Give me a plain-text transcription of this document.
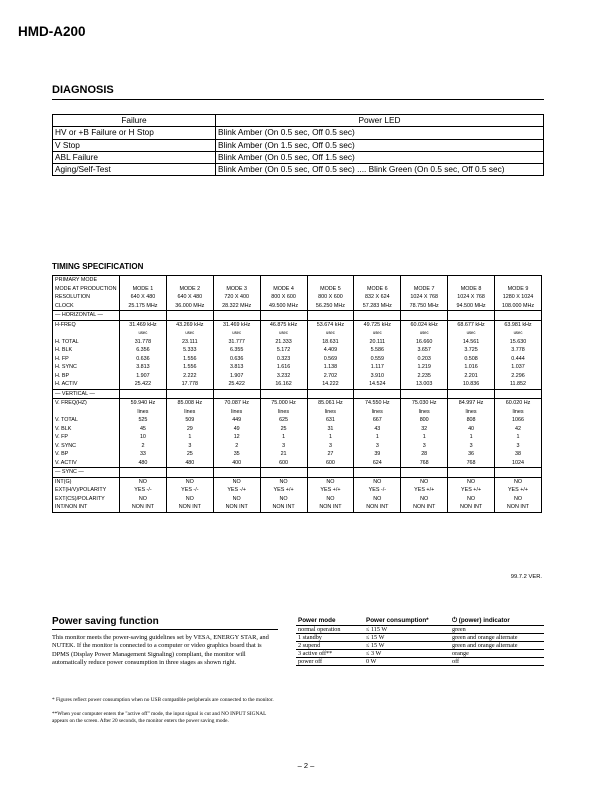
HMD-A200
DIAGNOSIS
Failure	Power LED
HV or +B Failure or H Stop	Blink Amber (On 0.5 sec, Off 0.5 sec)
V Stop	Blink Amber (On 1.5 sec, Off 0.5 sec)
ABL Failure	Blink Amber (On 0.5 sec, Off 1.5 sec)
Aging/Self-Test	Blink Amber (On 0.5 sec, Off 0.5 sec) .... Blink Green (On 0.5 sec, Off 0.5 sec)
TIMING SPECIFICATION
PRIMARY MODE									
MODE AT PRODUCTION	MODE 1	MODE 2	MODE 3	MODE 4	MODE 5	MODE 6	MODE 7	MODE 8	MODE 9
RESOLUTION	640 X 480	640 X 480	720 X 400	800 X 600	800 X 600	832 X 624	1024 X 768	1024 X 768	1280 X 1024
CLOCK	25.175 MHz	36.000 MHz	28.322 MHz	49.500 MHz	56.250 MHz	57.283 MHz	78.750 MHz	94.500 MHz	108.000 MHz
— HORIZONTAL —									
H-FREQ	31.469 kHz	43.269 kHz	31.469 kHz	46.875 kHz	53.674 kHz	49.725 kHz	60.024 kHz	68.677 kHz	63.981 kHz
	usec	usec	usec	usec	usec	usec	usec	usec	usec
H. TOTAL	31.778	23.111	31.777	21.333	18.631	20.111	16.660	14.561	15.630
H. BLK	6.356	5.333	6.355	5.172	4.409	5.586	3.657	3.725	3.778
H. FP	0.636	1.556	0.636	0.323	0.569	0.559	0.203	0.508	0.444
H. SYNC	3.813	1.556	3.813	1.616	1.138	1.117	1.219	1.016	1.037
H. BP	1.907	2.222	1.907	3.232	2.702	3.910	2.235	2.201	2.296
H. ACTIV	25.422	17.778	25.422	16.162	14.222	14.524	13.003	10.836	11.852
— VERTICAL —									
V. FREQ(HZ)	59.940 Hz	85.008 Hz	70.087 Hz	75.000 Hz	85.061 Hz	74.550 Hz	75.030 Hz	84.997 Hz	60.020 Hz
	lines	lines	lines	lines	lines	lines	lines	lines	lines
V. TOTAL	525	509	449	625	631	667	800	808	1066
V. BLK	45	29	49	25	31	43	32	40	42
V. FP	10	1	12	1	1	1	1	1	1
V. SYNC	2	3	2	3	3	3	3	3	3
V. BP	33	25	35	21	27	39	28	36	38
V. ACTIV	480	480	400	600	600	624	768	768	1024
— SYNC —									
INT(G)	NO	NO	NO	NO	NO	NO	NO	NO	NO
EXT(H/V)/POLARITY	YES -/-	YES -/-	YES -/+	YES +/+	YES +/+	YES -/-	YES +/+	YES +/+	YES +/+
EXT(CS)/POLARITY	NO	NO	NO	NO	NO	NO	NO	NO	NO
INT/NON INT	NON INT	NON INT	NON INT	NON INT	NON INT	NON INT	NON INT	NON INT	NON INT
99.7.2 VER.
Power saving function
This monitor meets the power-saving guidelines set by VESA, ENERGY STAR, and NUTEK. If the monitor is connected to a computer or video graphics board that is DPMS (Display Power Management Signaling) compliant, the monitor will automatically reduce power consumption in three stages as shown right.
* Figures reflect power consumption when no USB compatible peripherals are connected to the monitor.
**When your computer enters the "active off" mode, the input signal is cut and NO INPUT SIGNAL appears on the screen. After 20 seconds, the monitor enters the power saving mode.
Power mode	Power consumption*	⏻ (power) indicator
normal operation	≤ 115 W	green
1 standby	≤ 15 W	green and orange alternate
2 supend	≤ 15 W	green and orange alternate
3 active off**	≤ 3 W	orange
power off	0 W	off
– 2 –
